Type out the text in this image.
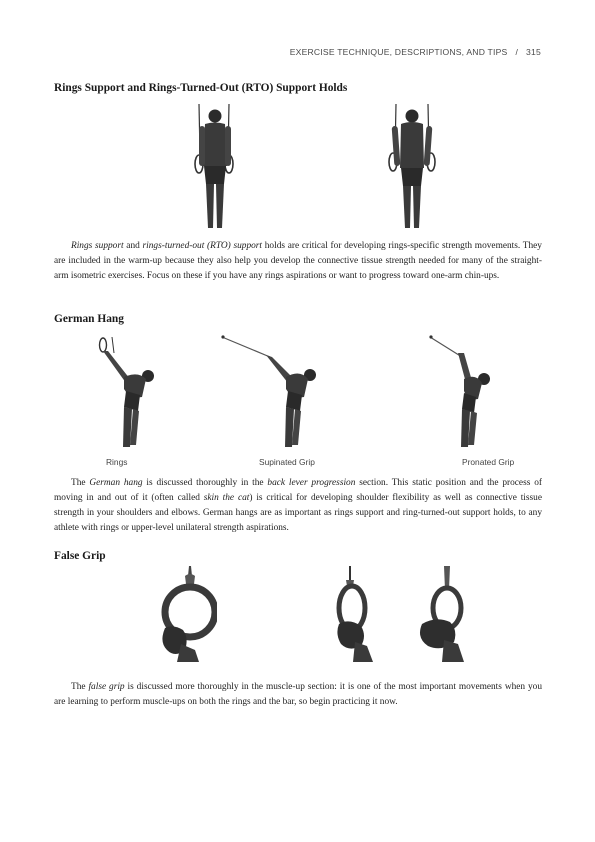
EXERCISE TECHNIQUE, DESCRIPTIONS, AND TIPS / 315
Rings Support and Rings-Turned-Out (RTO) Support Holds

Rings support and rings-turned-out (RTO) support holds are critical for developing rings-specific strength movements. They are included in the warm-up because they also help you develop the connective tissue strength needed for many of the straight-arm isometric exercises. Focus on these if you have any rings aspirations or want to progress toward one-arm chin-ups.

German Hang
Rings	Supinated Grip	Pronated Grip

The German hang is discussed thoroughly in the back lever progression section. This static position and the process of moving in and out of it (often called skin the cat) is critical for developing shoulder flexibility as well as connective tissue strength in your shoulders and elbows. German hangs are as important as rings support and ring-turned-out support holds, to any athlete with rings or upper-level unilateral strength aspirations.

False Grip

The false grip is discussed more thoroughly in the muscle-up section: it is one of the most important movements when you are learning to perform muscle-ups on both the rings and the bar, so begin practicing it now.
